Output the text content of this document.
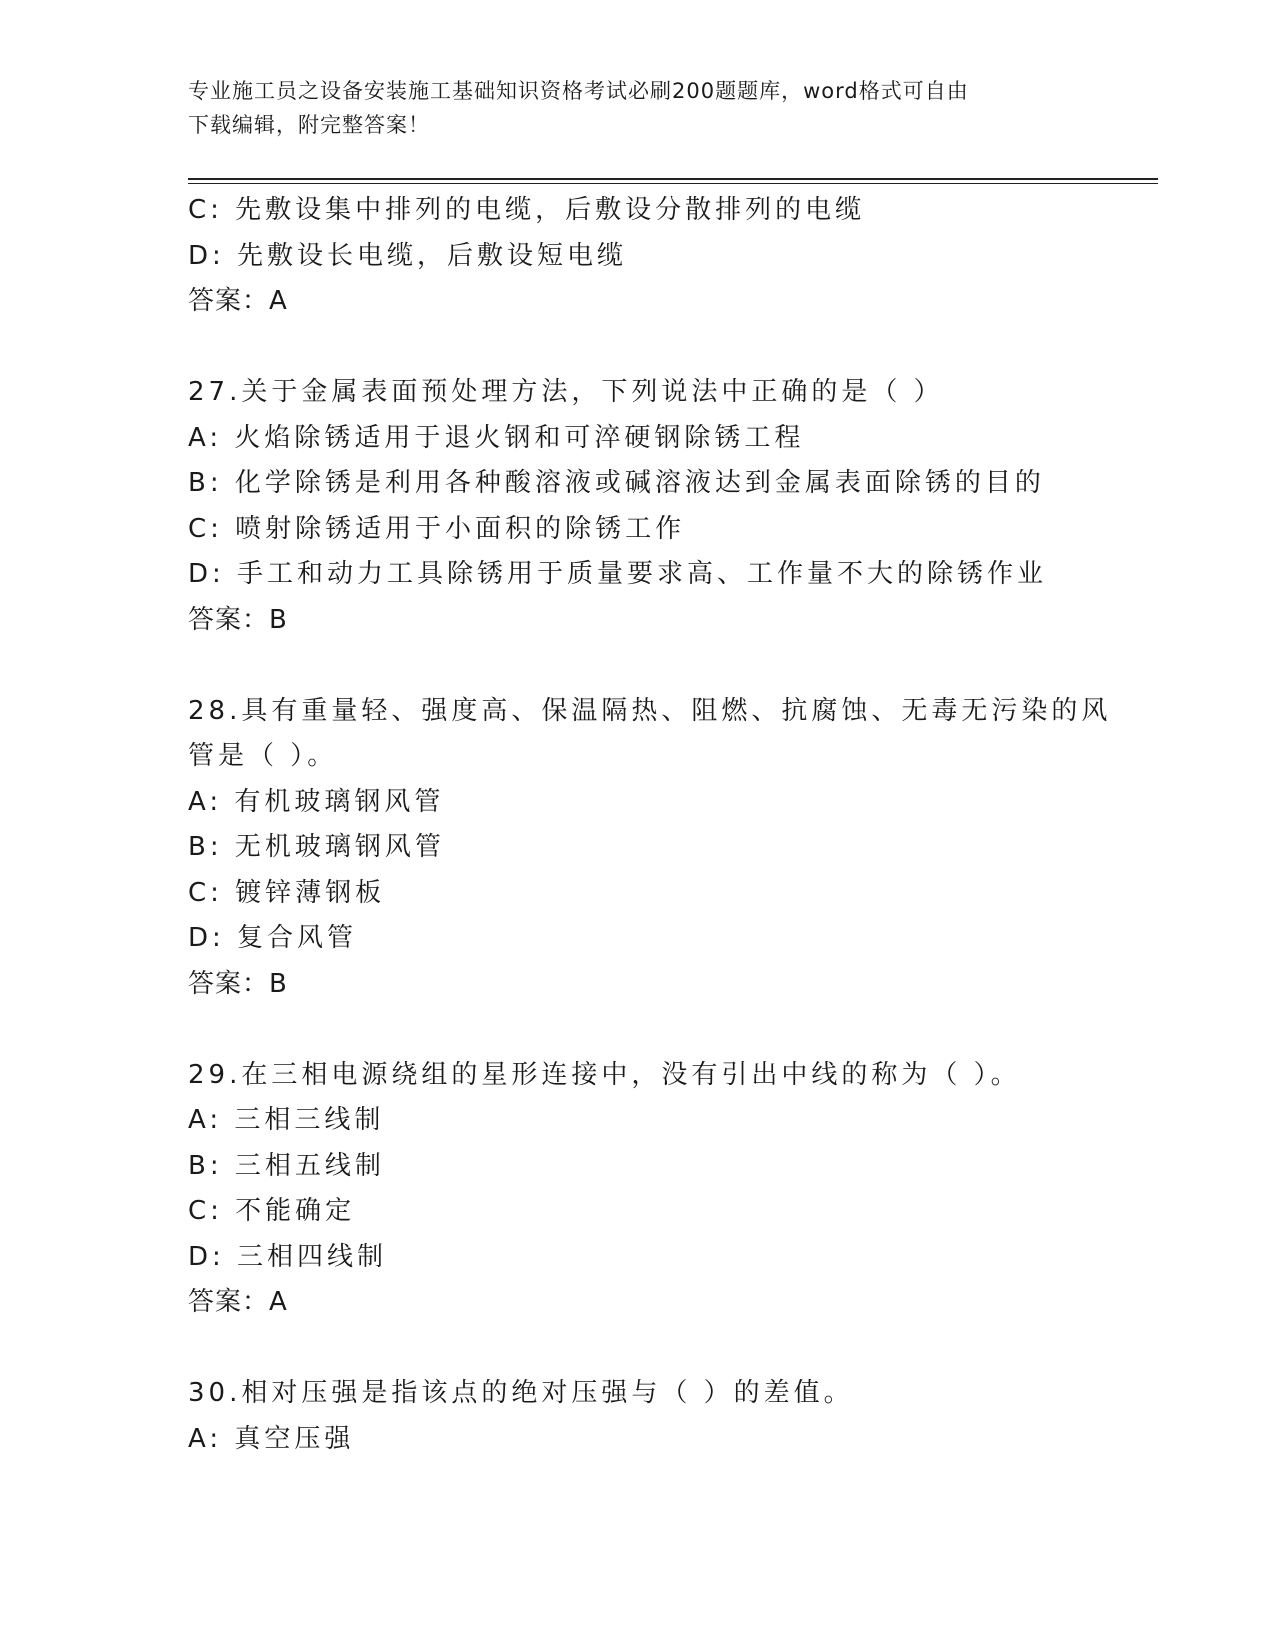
专业施工员之设备安装施工基础知识资格考试必刷200题题库，word格式可自由

下载编辑，附完整答案！

C: 先敷设集中排列的电缆，后敷设分散排列的电缆

D: 先敷设长电缆，后敷设短电缆

答案：A

27.关于金属表面预处理方法，下列说法中正确的是（ ）

A: 火焰除锈适用于退火钢和可淬硬钢除锈工程

B: 化学除锈是利用各种酸溶液或碱溶液达到金属表面除锈的目的

C: 喷射除锈适用于小面积的除锈工作

D: 手工和动力工具除锈用于质量要求高、工作量不大的除锈作业

答案：B

28.具有重量轻、强度高、保温隔热、阻燃、抗腐蚀、无毒无污染的风

管是（ ）。

A: 有机玻璃钢风管

B: 无机玻璃钢风管

C: 镀锌薄钢板

D: 复合风管

答案：B

29.在三相电源绕组的星形连接中，没有引出中线的称为（ ）。

A: 三相三线制

B: 三相五线制

C: 不能确定

D: 三相四线制

答案：A

30.相对压强是指该点的绝对压强与（ ）的差值。

A: 真空压强
